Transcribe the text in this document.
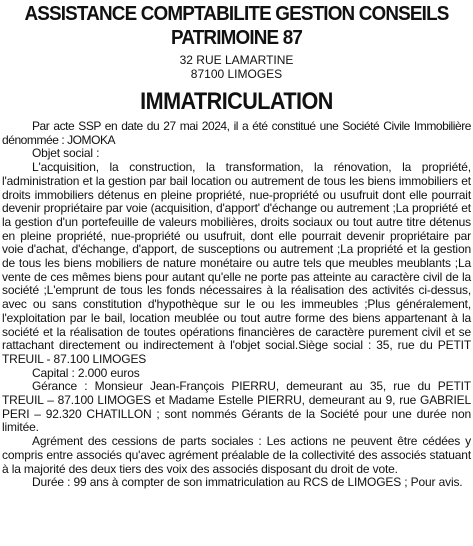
ASSISTANCE COMPTABILITE GESTION CONSEILS
PATRIMOINE 87

32 RUE LAMARTINE

87100 LIMOGES

IMMATRICULATION

Par acte SSP en date du 27 mai 2024, il a été constitué une Société Civile Immobilière dénommée : JOMOKA

Objet social :

L'acquisition, la construction, la transformation, la rénovation, la propriété, l'administration et la gestion par bail location ou autrement de tous les biens immobiliers et droits immobiliers détenus en pleine propriété, nue-propriété ou usufruit dont elle pourrait devenir propriétaire par voie (acquisition, d'apport' d'échange ou autrement ;La propriété et la gestion d'un portefeuille de valeurs mobilières, droits sociaux ou tout autre titre détenus en pleine propriété, nue-propriété ou usufruit, dont elle pourrait devenir propriétaire par voie d'achat, d'échange, d'apport, de susceptions ou autrement ;La propriété et la gestion de tous les biens mobiliers de nature monétaire ou autre tels que meubles meublants ;La vente de ces mêmes biens pour autant qu'elle ne porte pas atteinte au caractère civil de la société ;L'emprunt de tous les fonds nécessaires à la réalisation des activités ci-dessus, avec ou sans constitution d'hypothèque sur le ou les immeubles ;Plus généralement, l'exploitation par le bail, location meublée ou tout autre forme des biens appartenant à la société et la réalisation de toutes opérations financières de caractère purement civil et se rattachant directement ou indirectement à l'objet social.Siège social : 35, rue du PETIT TREUIL - 87.100 LIMOGES

Capital : 2.000 euros

Gérance : Monsieur Jean-François PIERRU, demeurant au 35, rue du PETIT TREUIL – 87.100 LIMOGES et Madame Estelle PIERRU, demeurant au 9, rue GABRIEL PERI – 92.320 CHATILLON ; sont nommés Gérants de la Société pour une durée non limitée.

Agrément des cessions de parts sociales : Les actions ne peuvent être cédées y compris entre associés qu'avec agrément préalable de la collectivité des associés statuant à la majorité des deux tiers des voix des associés disposant du droit de vote.

Durée : 99 ans à compter de son immatriculation au RCS de LIMOGES ; Pour avis.
